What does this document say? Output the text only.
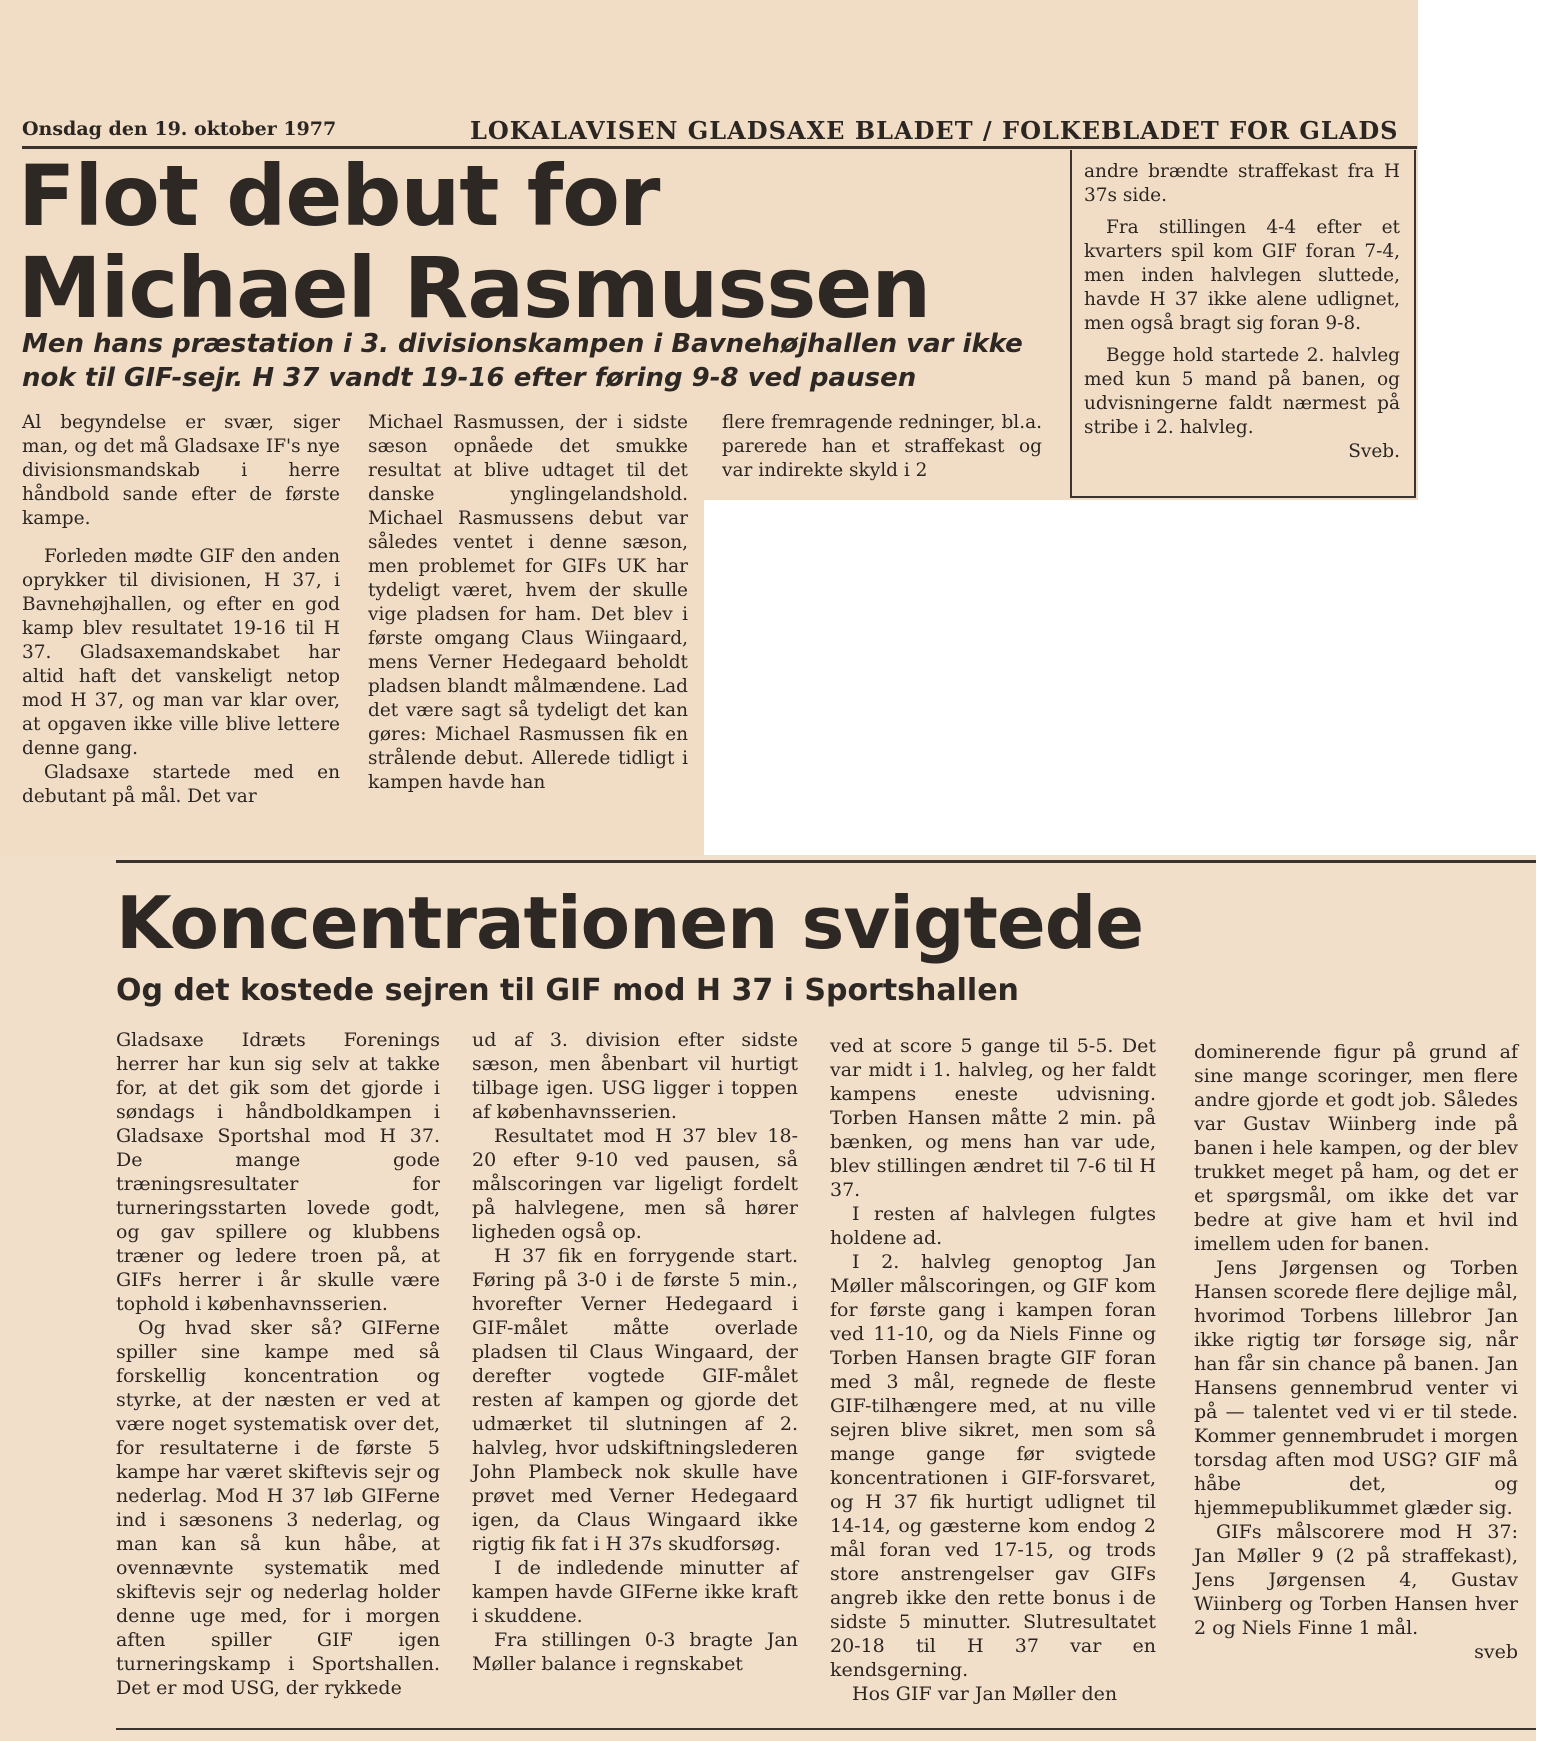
Onsdag den 19. oktober 1977	LOKALAVISEN GLADSAXE BLADET / FOLKEBLADET FOR GLADS
Flot debut for
Michael Rasmussen

Men hans præstation i 3. divisionskampen i Bavnehøjhallen var ikke nok til GIF-sejr. H 37 vandt 19-16 efter føring 9-8 ved pausen

Al begyndelse er svær, siger man, og det må Gladsaxe IF's nye divisionsmandskab i herre håndbold sande efter de første kampe.

Forleden mødte GIF den anden oprykker til divisionen, H 37, i Bavnehøjhallen, og efter en god kamp blev resultatet 19-16 til H 37. Gladsaxemandskabet har altid haft det vanskeligt netop mod H 37, og man var klar over, at opgaven ikke ville blive lettere denne gang.

Gladsaxe startede med en debutant på mål. Det var

Michael Rasmussen, der i sidste sæson opnåede det smukke resultat at blive udtaget til det danske ynglingelandshold. Michael Rasmussens debut var således ventet i denne sæson, men problemet for GIFs UK har tydeligt været, hvem der skulle vige pladsen for ham. Det blev i første omgang Claus Wiingaard, mens Verner Hedegaard beholdt pladsen blandt målmændene. Lad det være sagt så tydeligt det kan gøres: Michael Rasmussen fik en strålende debut. Allerede tidligt i kampen havde han

flere fremragende redninger, bl.a. parerede han et straffekast og var indirekte skyld i 2

andre brændte straffekast fra H 37s side.

Fra stillingen 4-4 efter et kvarters spil kom GIF foran 7-4, men inden halvlegen sluttede, havde H 37 ikke alene udlignet, men også bragt sig foran 9-8.

Begge hold startede 2. halvleg med kun 5 mand på banen, og udvisningerne faldt nærmest på stribe i 2. halvleg.

Sveb.

Koncentrationen svigtede

Og det kostede sejren til GIF mod H 37 i Sportshallen

Gladsaxe Idræts Forenings herrer har kun sig selv at takke for, at det gik som det gjorde i søndags i håndboldkampen i Gladsaxe Sportshal mod H 37. De mange gode træningsresultater for turneringsstarten lovede godt, og gav spillere og klubbens træner og ledere troen på, at GIFs herrer i år skulle være tophold i københavnsserien.

Og hvad sker så? GIFerne spiller sine kampe med så forskellig koncentration og styrke, at der næsten er ved at være noget systematisk over det, for resultaterne i de første 5 kampe har været skiftevis sejr og nederlag. Mod H 37 løb GIFerne ind i sæsonens 3 nederlag, og man kan så kun håbe, at ovennævnte systematik med skiftevis sejr og nederlag holder denne uge med, for i morgen aften spiller GIF igen turneringskamp i Sportshallen. Det er mod USG, der rykkede

ud af 3. division efter sidste sæson, men åbenbart vil hurtigt tilbage igen. USG ligger i toppen af københavnsserien.

Resultatet mod H 37 blev 18-20 efter 9-10 ved pausen, så målscoringen var ligeligt fordelt på halvlegene, men så hører ligheden også op.

H 37 fik en forrygende start. Føring på 3-0 i de første 5 min., hvorefter Verner Hedegaard i GIF-målet måtte overlade pladsen til Claus Wingaard, der derefter vogtede GIF-målet resten af kampen og gjorde det udmærket til slutningen af 2. halvleg, hvor udskiftningslederen John Plambeck nok skulle have prøvet med Verner Hedegaard igen, da Claus Wingaard ikke rigtig fik fat i H 37s skudforsøg.

I de indledende minutter af kampen havde GIFerne ikke kraft i skuddene.

Fra stillingen 0-3 bragte Jan Møller balance i regnskabet

ved at score 5 gange til 5-5. Det var midt i 1. halvleg, og her faldt kampens eneste udvisning. Torben Hansen måtte 2 min. på bænken, og mens han var ude, blev stillingen ændret til 7-6 til H 37.

I resten af halvlegen fulgtes holdene ad.

I 2. halvleg genoptog Jan Møller målscoringen, og GIF kom for første gang i kampen foran ved 11-10, og da Niels Finne og Torben Hansen bragte GIF foran med 3 mål, regnede de fleste GIF-tilhængere med, at nu ville sejren blive sikret, men som så mange gange før svigtede koncentrationen i GIF-forsvaret, og H 37 fik hurtigt udlignet til 14-14, og gæsterne kom endog 2 mål foran ved 17-15, og trods store anstrengelser gav GIFs angreb ikke den rette bonus i de sidste 5 minutter. Slutresultatet 20-18 til H 37 var en kendsgerning.

Hos GIF var Jan Møller den

dominerende figur på grund af sine mange scoringer, men flere andre gjorde et godt job. Således var Gustav Wiinberg inde på banen i hele kampen, og der blev trukket meget på ham, og det er et spørgsmål, om ikke det var bedre at give ham et hvil ind imellem uden for banen.

Jens Jørgensen og Torben Hansen scorede flere dejlige mål, hvorimod Torbens lillebror Jan ikke rigtig tør forsøge sig, når han får sin chance på banen. Jan Hansens gennembrud venter vi på — talentet ved vi er til stede. Kommer gennembrudet i morgen torsdag aften mod USG? GIF må håbe det, og hjemmepublikummet glæder sig.

GIFs målscorere mod H 37: Jan Møller 9 (2 på straffekast), Jens Jørgensen 4, Gustav Wiinberg og Torben Hansen hver 2 og Niels Finne 1 mål.

sveb
